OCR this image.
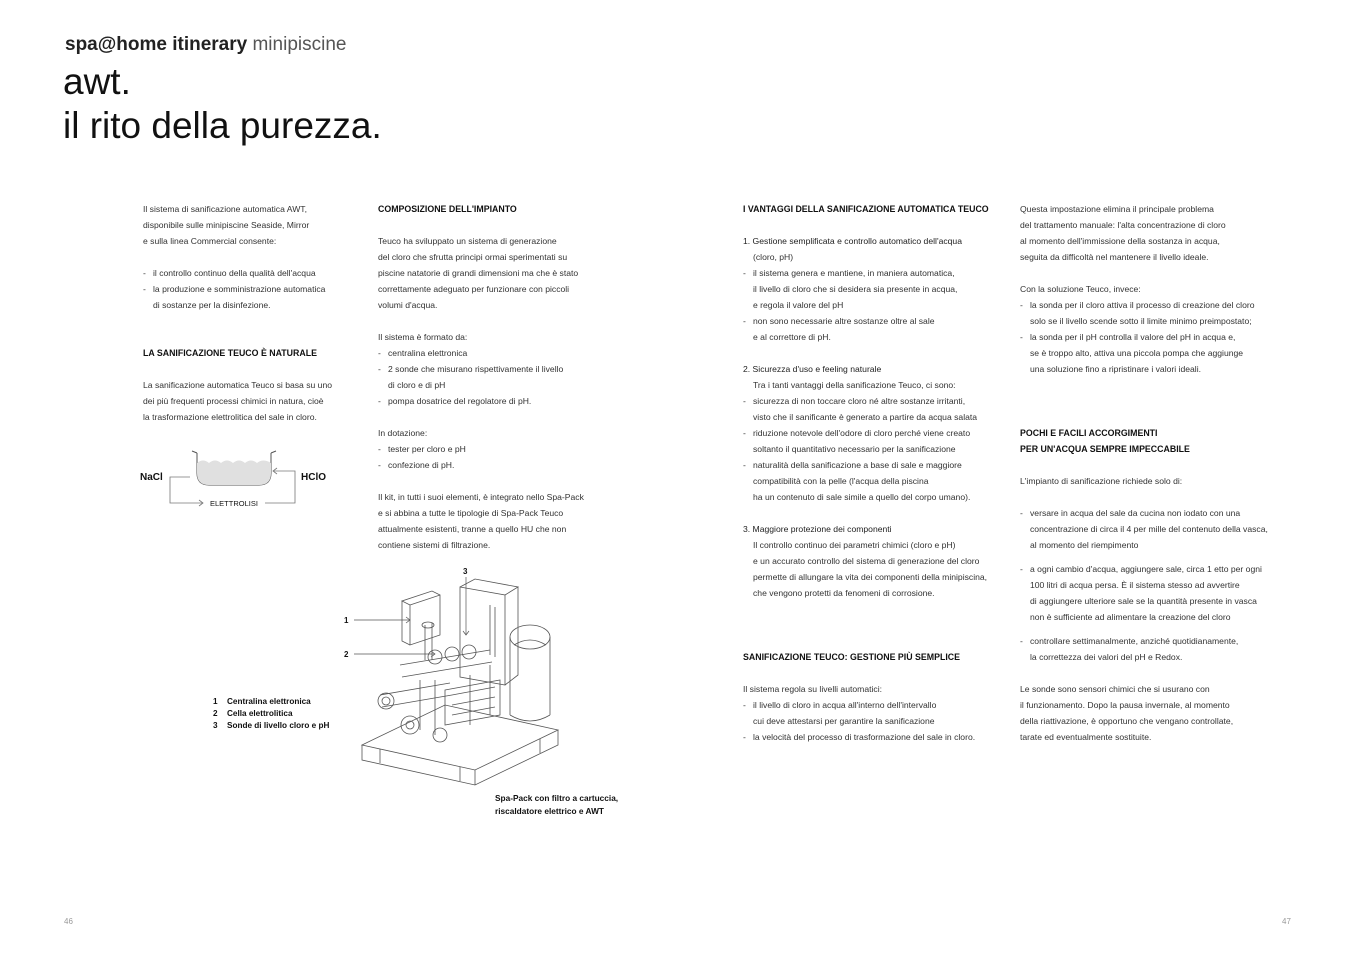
spa@home itinerary minipiscine
awt.
il rito della purezza.

Il sistema di sanificazione automatica AWT,

disponibile sulle minipiscine Seaside, Mirror

e sulla linea Commercial consente:

- il controllo continuo della qualità dell'acqua

- la produzione e somministrazione automatica

di sostanze per la disinfezione.

LA SANIFICAZIONE TEUCO È NATURALE

La sanificazione automatica Teuco si basa su uno

dei più frequenti processi chimici in natura, cioè

la trasformazione elettrolitica del sale in cloro.

NaCl	HClO
ELETTROLISI
COMPOSIZIONE DELL'IMPIANTO

Teuco ha sviluppato un sistema di generazione

del cloro che sfrutta principi ormai sperimentati su

piscine natatorie di grandi dimensioni ma che è stato

correttamente adeguato per funzionare con piccoli

volumi d'acqua.

Il sistema è formato da:

- centralina elettronica

- 2 sonde che misurano rispettivamente il livello

di cloro e di pH

- pompa dosatrice del regolatore di pH.

In dotazione:

- tester per cloro e pH

- confezione di pH.

Il kit, in tutti i suoi elementi, è integrato nello Spa-Pack

e si abbina a tutte le tipologie di Spa-Pack Teuco

attualmente esistenti, tranne a quello HU che non

contiene sistemi di filtrazione.

1
2
3
1 Centralina elettronica
2 Cella elettrolitica
3 Sonde di livello cloro e pH
Spa-Pack con filtro a cartuccia,
riscaldatore elettrico e AWT
I VANTAGGI DELLA SANIFICAZIONE AUTOMATICA TEUCO

1. Gestione semplificata e controllo automatico dell'acqua

(cloro, pH)

- il sistema genera e mantiene, in maniera automatica,

il livello di cloro che si desidera sia presente in acqua,

e regola il valore del pH

- non sono necessarie altre sostanze oltre al sale

e al correttore di pH.

2. Sicurezza d'uso e feeling naturale

Tra i tanti vantaggi della sanificazione Teuco, ci sono:

- sicurezza di non toccare cloro né altre sostanze irritanti,

visto che il sanificante è generato a partire da acqua salata

- riduzione notevole dell'odore di cloro perché viene creato

soltanto il quantitativo necessario per la sanificazione

- naturalità della sanificazione a base di sale e maggiore

compatibilità con la pelle (l'acqua della piscina

ha un contenuto di sale simile a quello del corpo umano).

3. Maggiore protezione dei componenti

Il controllo continuo dei parametri chimici (cloro e pH)

e un accurato controllo del sistema di generazione del cloro

permette di allungare la vita dei componenti della minipiscina,

che vengono protetti da fenomeni di corrosione.

SANIFICAZIONE TEUCO: GESTIONE PIÙ SEMPLICE

Il sistema regola su livelli automatici:

- il livello di cloro in acqua all'interno dell'intervallo

cui deve attestarsi per garantire la sanificazione

- la velocità del processo di trasformazione del sale in cloro.

Questa impostazione elimina il principale problema

del trattamento manuale: l'alta concentrazione di cloro

al momento dell'immissione della sostanza in acqua,

seguita da difficoltà nel mantenere il livello ideale.

Con la soluzione Teuco, invece:

- la sonda per il cloro attiva il processo di creazione del cloro

solo se il livello scende sotto il limite minimo preimpostato;

- la sonda per il pH controlla il valore del pH in acqua e,

se è troppo alto, attiva una piccola pompa che aggiunge

una soluzione fino a ripristinare i valori ideali.

POCHI E FACILI ACCORGIMENTI
PER UN'ACQUA SEMPRE IMPECCABILE

L'impianto di sanificazione richiede solo di:

- versare in acqua del sale da cucina non iodato con una

concentrazione di circa il 4 per mille del contenuto della vasca,

al momento del riempimento

- a ogni cambio d'acqua, aggiungere sale, circa 1 etto per ogni

100 litri di acqua persa. È il sistema stesso ad avvertire

di aggiungere ulteriore sale se la quantità presente in vasca

non è sufficiente ad alimentare la creazione del cloro

- controllare settimanalmente, anziché quotidianamente,

la correttezza dei valori del pH e Redox.

Le sonde sono sensori chimici che si usurano con

il funzionamento. Dopo la pausa invernale, al momento

della riattivazione, è opportuno che vengano controllate,

tarate ed eventualmente sostituite.

46	47
